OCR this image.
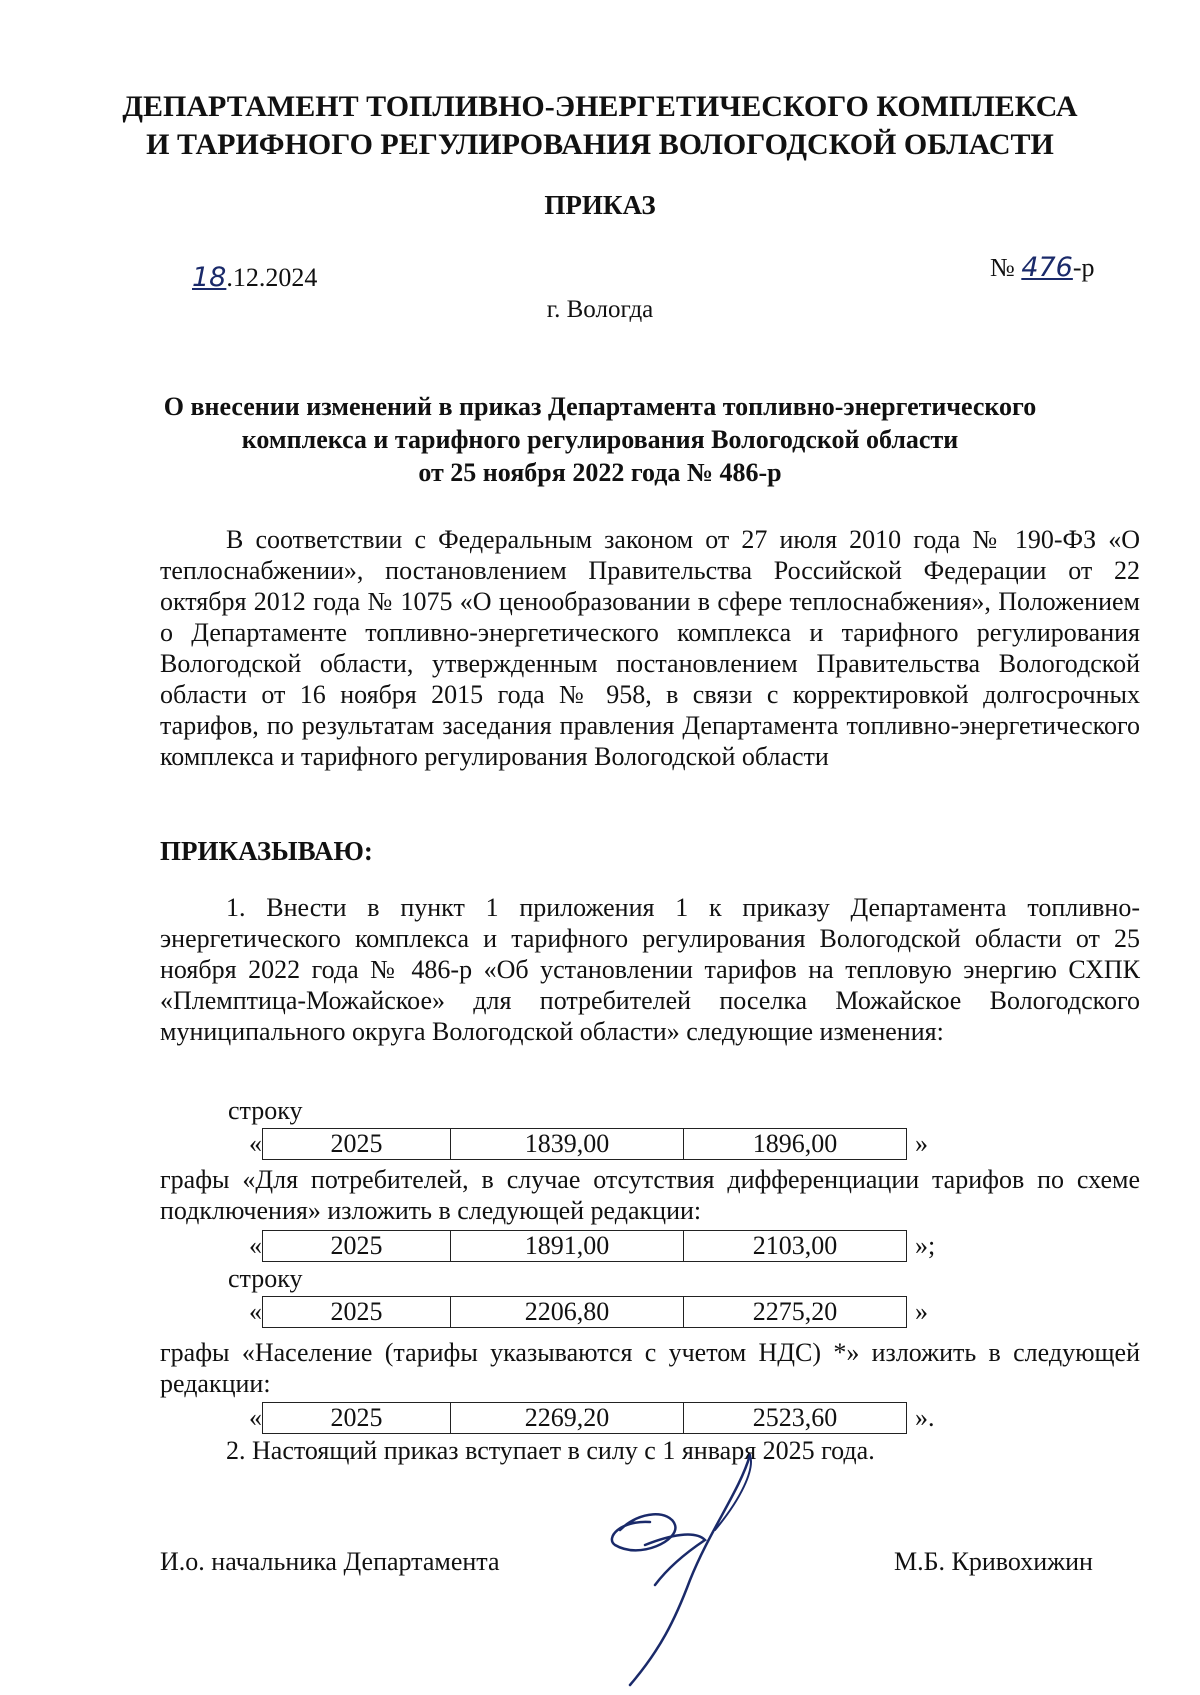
ДЕПАРТАМЕНТ ТОПЛИВНО-ЭНЕРГЕТИЧЕСКОГО КОМПЛЕКСА
И ТАРИФНОГО РЕГУЛИРОВАНИЯ ВОЛОГОДСКОЙ ОБЛАСТИ
ПРИКАЗ
18.12.2024	№ 476-р
г. Вологда
О внесении изменений в приказ Департамента топливно-энергетического
комплекса и тарифного регулирования Вологодской области
от 25 ноября 2022 года № 486-р
В соответствии с Федеральным законом от 27 июля 2010 года № 190-ФЗ «О теплоснабжении», постановлением Правительства Российской Федерации от 22 октября 2012 года № 1075 «О ценообразовании в сфере теплоснабжения», Положением о Департаменте топливно-энергетического комплекса и тарифного регулирования Вологодской области, утвержденным постановлением Правительства Вологодской области от 16 ноября 2015 года № 958, в связи с корректировкой долгосрочных тарифов, по результатам заседания правления Департамента топливно-энергетического комплекса и тарифного регулирования Вологодской области
ПРИКАЗЫВАЮ:
1. Внести в пункт 1 приложения 1 к приказу Департамента топливно-энергетического комплекса и тарифного регулирования Вологодской области от 25 ноября 2022 года № 486-р «Об установлении тарифов на тепловую энергию СХПК «Племптица-Можайское» для потребителей поселка Можайское Вологодского муниципального округа Вологодской области» следующие изменения:
строку
«	2025	1839,00	1896,00	»
графы «Для потребителей, в случае отсутствия дифференциации тарифов по схеме подключения» изложить в следующей редакции:
«	2025	1891,00	2103,00	»;
строку
«	2025	2206,80	2275,20	»
графы «Население (тарифы указываются с учетом НДС) *» изложить в следующей редакции:
«	2025	2269,20	2523,60	».
2. Настоящий приказ вступает в силу с 1 января 2025 года.
И.о. начальника Департамента	М.Б. Кривохижин
